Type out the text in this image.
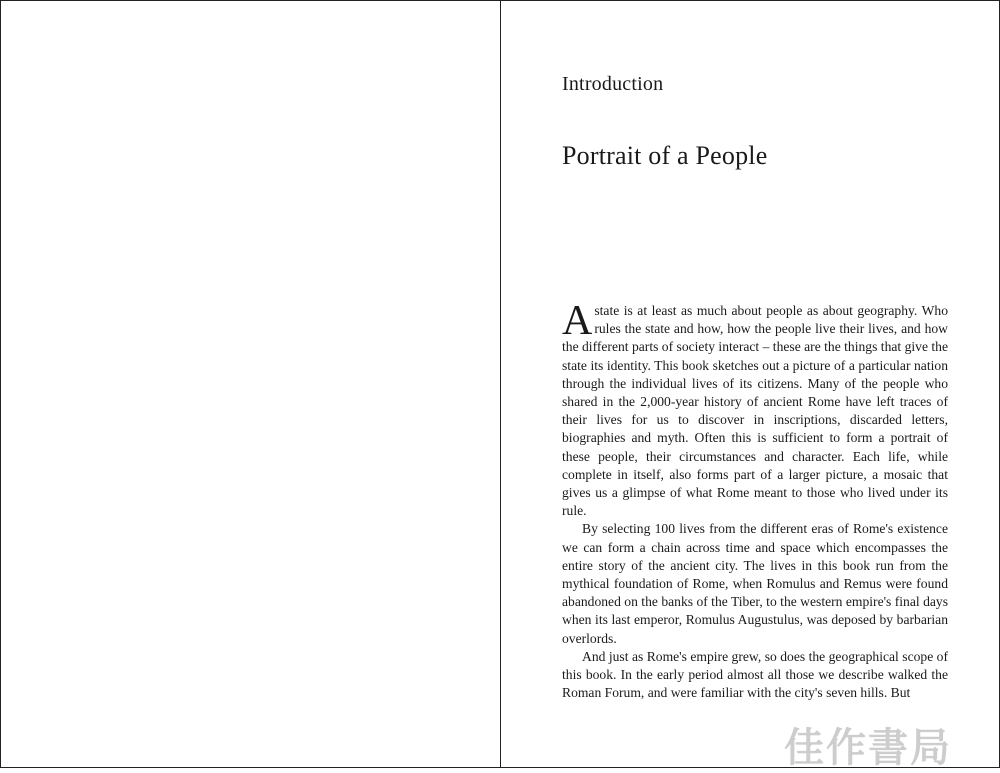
Introduction
Portrait of a People

A state is at least as much about people as about geography. Who rules the state and how, how the people live their lives, and how the different parts of society interact – these are the things that give the state its identity. This book sketches out a picture of a particular nation through the individual lives of its citizens. Many of the people who shared in the 2,000-year history of ancient Rome have left traces of their lives for us to discover in inscriptions, discarded letters, biographies and myth. Often this is sufficient to form a portrait of these people, their circumstances and character. Each life, while complete in itself, also forms part of a larger picture, a mosaic that gives us a glimpse of what Rome meant to those who lived under its rule.

By selecting 100 lives from the different eras of Rome's existence we can form a chain across time and space which encompasses the entire story of the ancient city. The lives in this book run from the mythical foundation of Rome, when Romulus and Remus were found abandoned on the banks of the Tiber, to the western empire's final days when its last emperor, Romulus Augustulus, was deposed by barbarian overlords.

And just as Rome's empire grew, so does the geographical scope of this book. In the early period almost all those we describe walked the Roman Forum, and were familiar with the city's seven hills. But

佳作書局
